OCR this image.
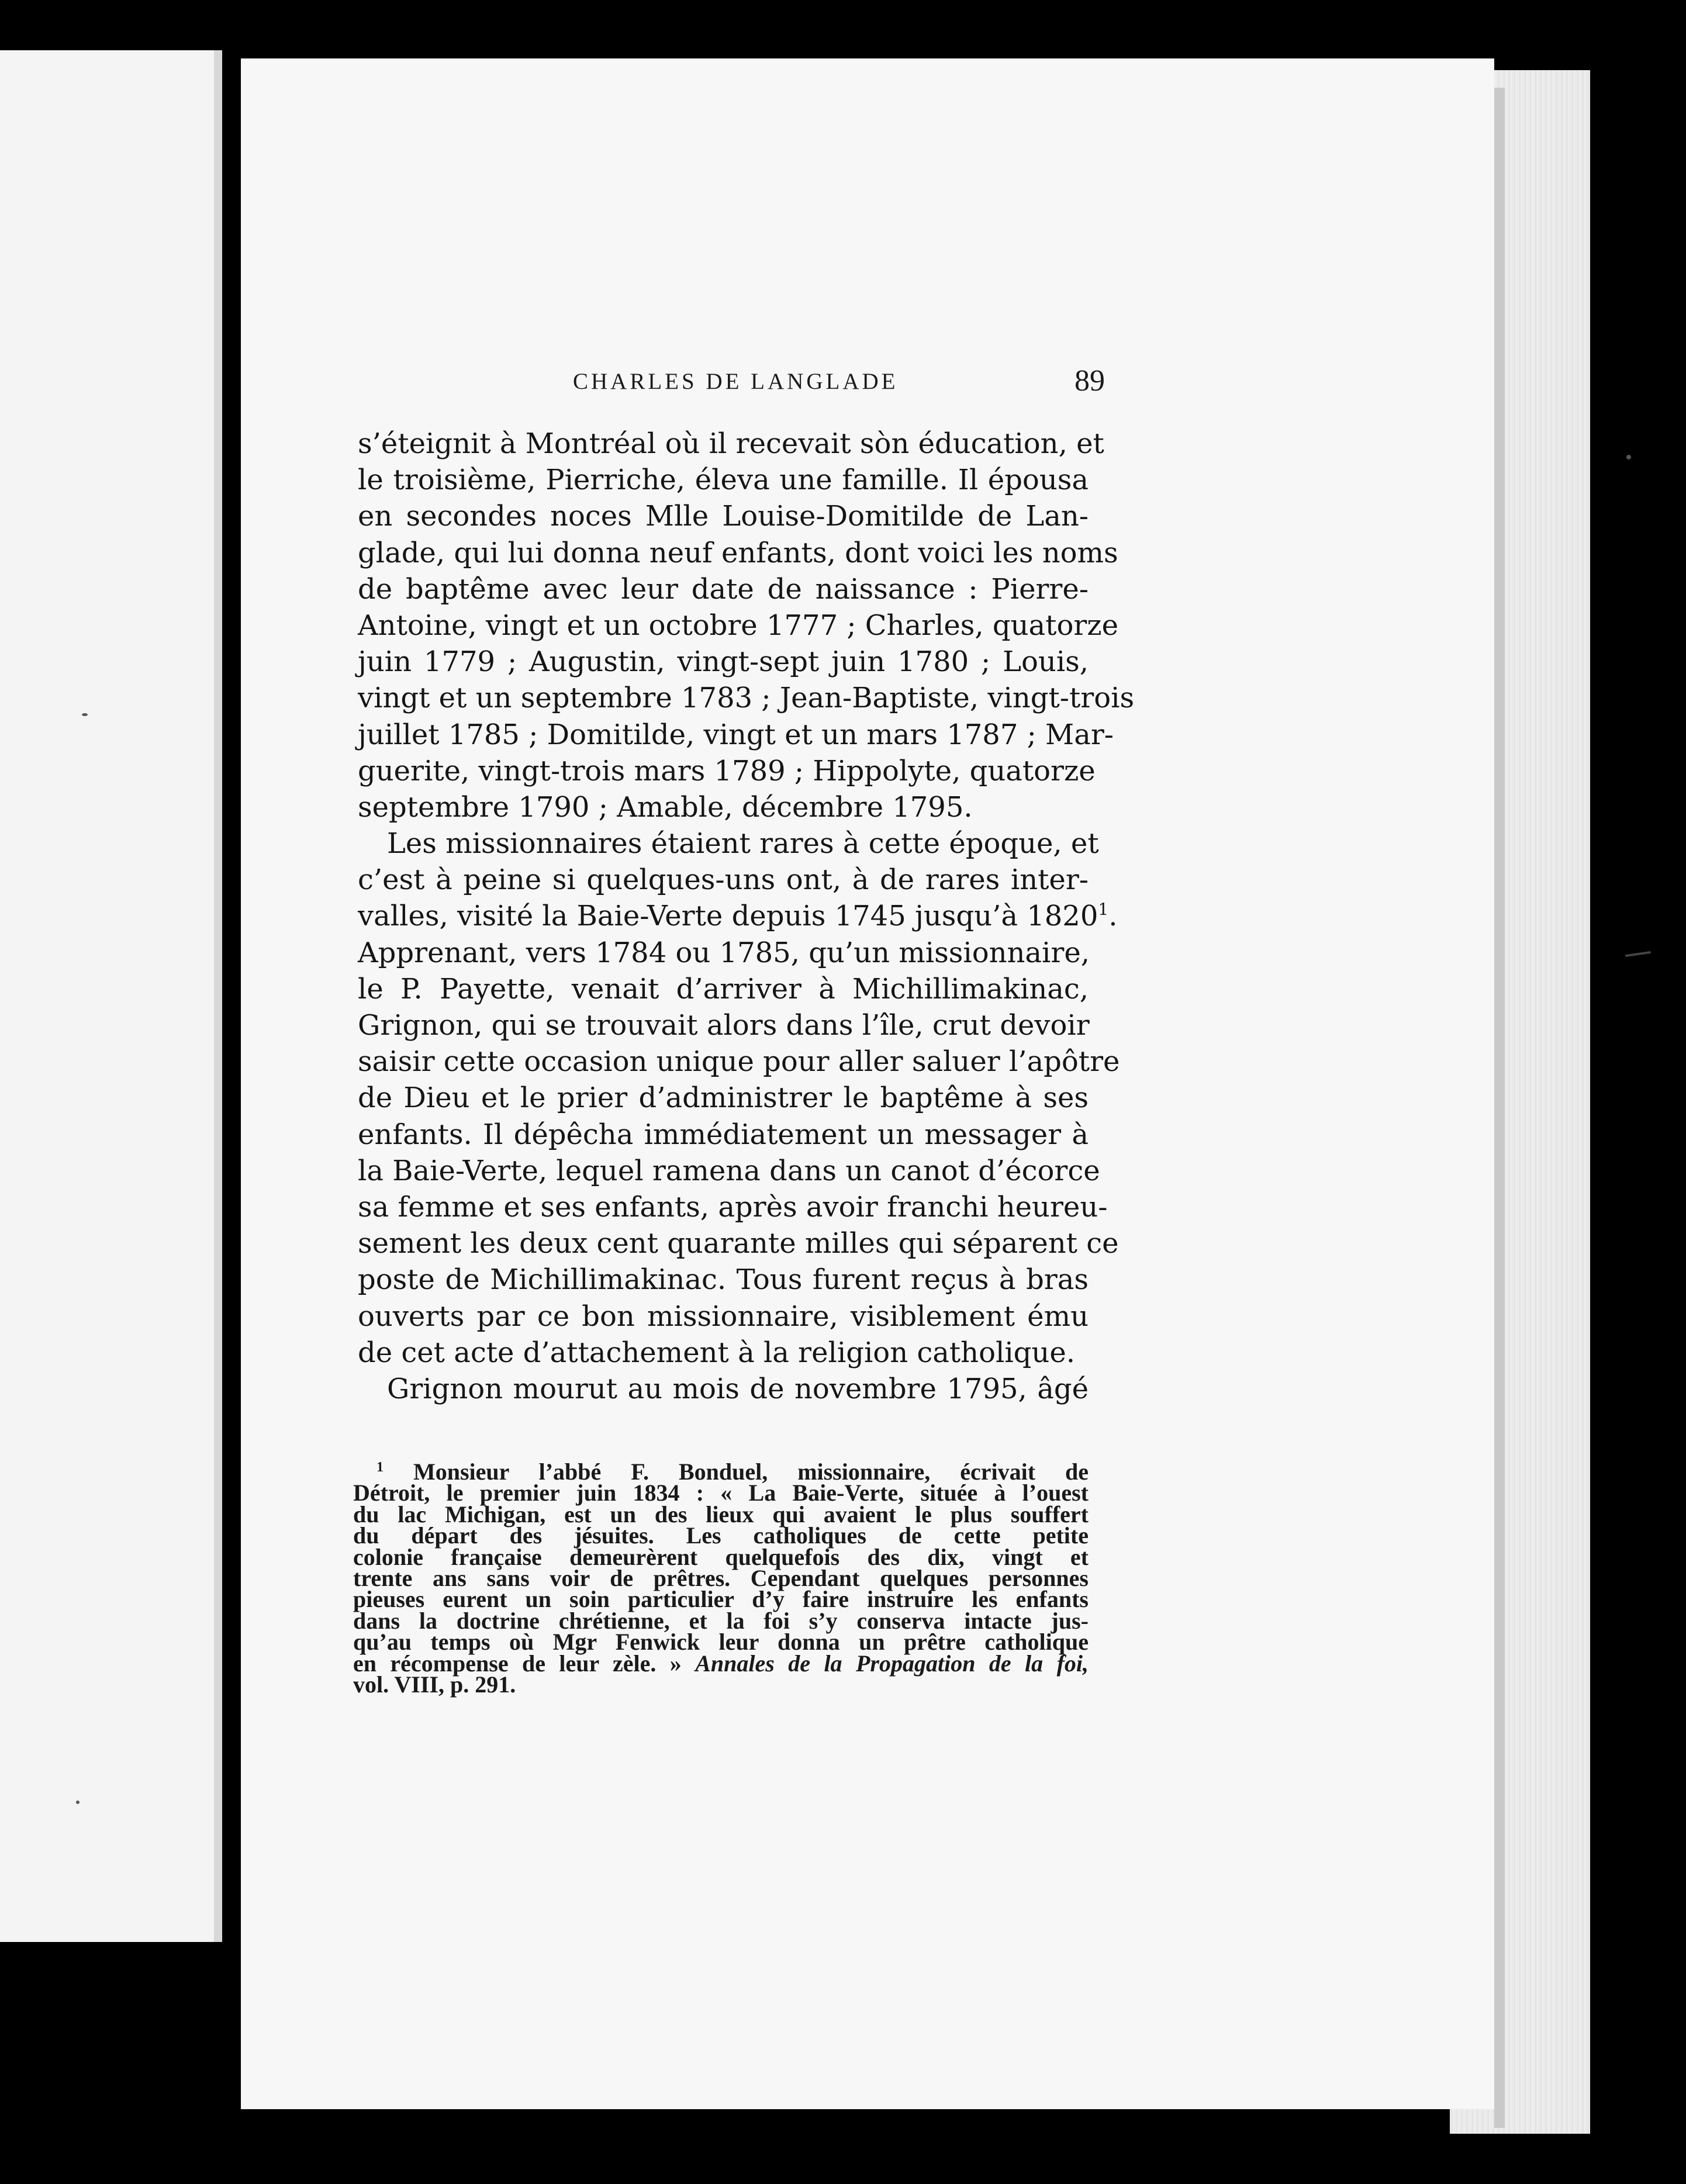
CHARLES DE LANGLADE	89
s’éteignit à Montréal où il recevait sòn éducation, et
le troisième, Pierriche, éleva une famille. Il épousa
en secondes noces Mlle Louise-Domitilde de Lan-
glade, qui lui donna neuf enfants, dont voici les noms
de baptême avec leur date de naissance : Pierre-
Antoine, vingt et un octobre 1777 ; Charles, quatorze
juin 1779 ; Augustin, vingt-sept juin 1780 ; Louis,
vingt et un septembre 1783 ; Jean-Baptiste, vingt-trois
juillet 1785 ; Domitilde, vingt et un mars 1787 ; Mar-
guerite, vingt-trois mars 1789 ; Hippolyte, quatorze
septembre 1790 ; Amable, décembre 1795.
Les missionnaires étaient rares à cette époque, et
c’est à peine si quelques-uns ont, à de rares inter-
valles, visité la Baie-Verte depuis 1745 jusqu’à 1820$^1$.
Apprenant, vers 1784 ou 1785, qu’un missionnaire,
le P. Payette, venait d’arriver à Michillimakinac,
Grignon, qui se trouvait alors dans l’île, crut devoir
saisir cette occasion unique pour aller saluer l’apôtre
de Dieu et le prier d’administrer le baptême à ses
enfants. Il dépêcha immédiatement un messager à
la Baie-Verte, lequel ramena dans un canot d’écorce
sa femme et ses enfants, après avoir franchi heureu-
sement les deux cent quarante milles qui séparent ce
poste de Michillimakinac. Tous furent reçus à bras
ouverts par ce bon missionnaire, visiblement ému
de cet acte d’attachement à la religion catholique.
Grignon mourut au mois de novembre 1795, âgé
$^1$ Monsieur l’abbé F. Bonduel, missionnaire, écrivait de
Détroit, le premier juin 1834 : « La Baie-Verte, située à l’ouest
du lac Michigan, est un des lieux qui avaient le plus souffert
du départ des jésuites. Les catholiques de cette petite
colonie française demeurèrent quelquefois des dix, vingt et
trente ans sans voir de prêtres. Cependant quelques personnes
pieuses eurent un soin particulier d’y faire instruire les enfants
dans la doctrine chrétienne, et la foi s’y conserva intacte jus-
qu’au temps où Mgr Fenwick leur donna un prêtre catholique
en récompense de leur zèle. » Annales de la Propagation de la foi,
vol. VIII, p. 291.
